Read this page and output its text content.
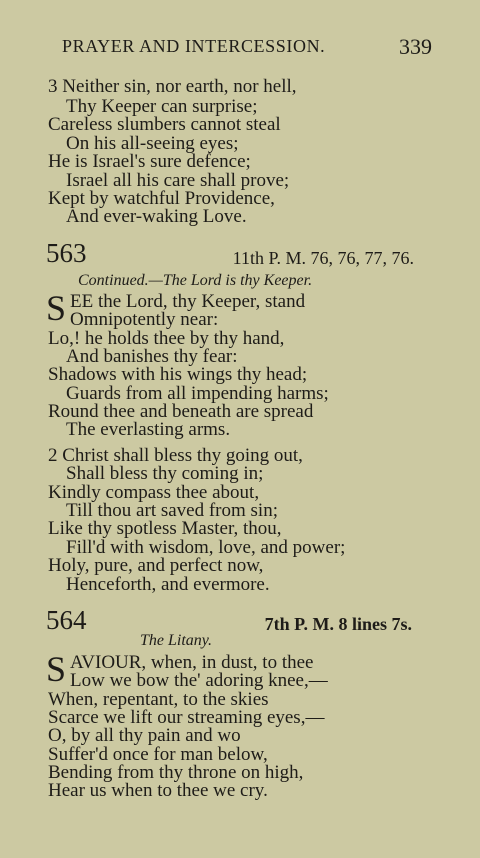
PRAYER AND INTERCESSION.	339
3 Neither sin, nor earth, nor hell,
Thy Keeper can surprise;
Careless slumbers cannot steal
On his all-seeing eyes;
He is Israel's sure defence;
Israel all his care shall prove;
Kept by watchful Providence,
And ever-waking Love.
563	11th P. M. 76, 76, 77, 76.
Continued.—The Lord is thy Keeper.
S EE the Lord, thy Keeper, stand
Omnipotently near:
Lo,! he holds thee by thy hand,
And banishes thy fear:
Shadows with his wings thy head;
Guards from all impending harms;
Round thee and beneath are spread
The everlasting arms.
2 Christ shall bless thy going out,
Shall bless thy coming in;
Kindly compass thee about,
Till thou art saved from sin;
Like thy spotless Master, thou,
Fill'd with wisdom, love, and power;
Holy, pure, and perfect now,
Henceforth, and evermore.
564	7th P. M. 8 lines 7s.
The Litany.
S AVIOUR, when, in dust, to thee
Low we bow the' adoring knee,—
When, repentant, to the skies
Scarce we lift our streaming eyes,—
O, by all thy pain and wo
Suffer'd once for man below,
Bending from thy throne on high,
Hear us when to thee we cry.
